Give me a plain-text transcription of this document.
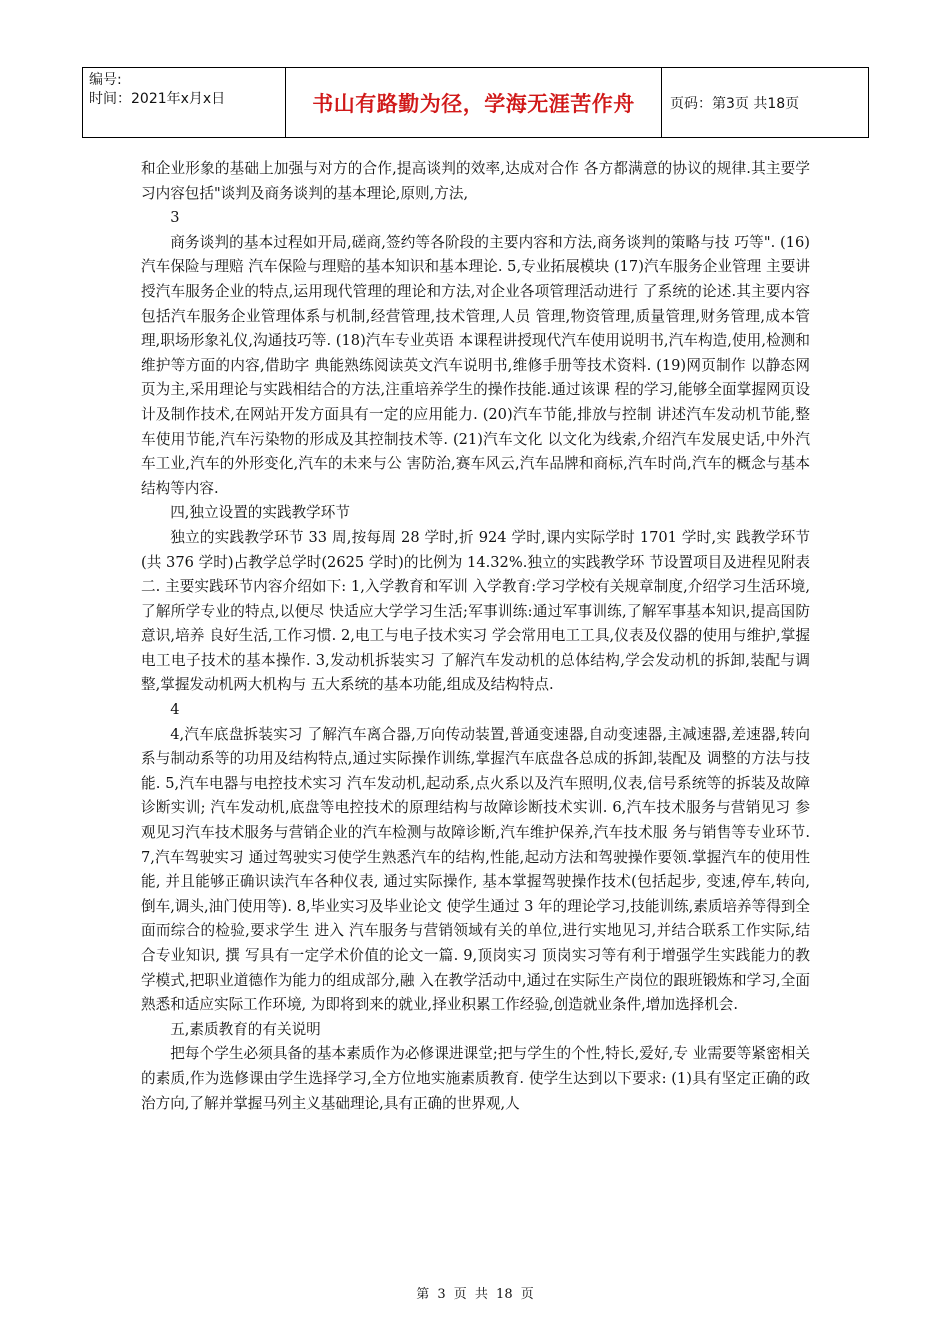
编号:
时间：2021年x月x日	书山有路勤为径，学海无涯苦作舟	页码：第3页 共18页

和企业形象的基础上加强与对方的合作,提高谈判的效率,达成对合作 各方都满意的协议的规律.其主要学习内容包括"谈判及商务谈判的基本理论,原则,方法,

3

商务谈判的基本过程如开局,磋商,签约等各阶段的主要内容和方法,商务谈判的策略与技 巧等". (16)汽车保险与理赔 汽车保险与理赔的基本知识和基本理论. 5,专业拓展模块 (17)汽车服务企业管理 主要讲授汽车服务企业的特点,运用现代管理的理论和方法,对企业各项管理活动进行 了系统的论述.其主要内容包括汽车服务企业管理体系与机制,经营管理,技术管理,人员 管理,物资管理,质量管理,财务管理,成本管理,职场形象礼仪,沟通技巧等. (18)汽车专业英语 本课程讲授现代汽车使用说明书,汽车构造,使用,检测和维护等方面的内容,借助字 典能熟练阅读英文汽车说明书,维修手册等技术资料. (19)网页制作 以静态网页为主,采用理论与实践相结合的方法,注重培养学生的操作技能.通过该课 程的学习,能够全面掌握网页设计及制作技术,在网站开发方面具有一定的应用能力. (20)汽车节能,排放与控制 讲述汽车发动机节能,整车使用节能,汽车污染物的形成及其控制技术等. (21)汽车文化 以文化为线索,介绍汽车发展史话,中外汽车工业,汽车的外形变化,汽车的未来与公 害防治,赛车风云,汽车品牌和商标,汽车时尚,汽车的概念与基本结构等内容.

四,独立设置的实践教学环节

独立的实践教学环节 33 周,按每周 28 学时,折 924 学时,课内实际学时 1701 学时,实 践教学环节(共 376 学时)占教学总学时(2625 学时)的比例为 14.32%.独立的实践教学环 节设置项目及进程见附表二. 主要实践环节内容介绍如下: 1,入学教育和军训 入学教育:学习学校有关规章制度,介绍学习生活环境,了解所学专业的特点,以便尽 快适应大学学习生活;军事训练:通过军事训练,了解军事基本知识,提高国防意识,培养 良好生活,工作习惯. 2,电工与电子技术实习 学会常用电工工具,仪表及仪器的使用与维护,掌握电工电子技术的基本操作. 3,发动机拆装实习 了解汽车发动机的总体结构,学会发动机的拆卸,装配与调整,掌握发动机两大机构与 五大系统的基本功能,组成及结构特点.

4

4,汽车底盘拆装实习 了解汽车离合器,万向传动装置,普通变速器,自动变速器,主减速器,差速器,转向 系与制动系等的功用及结构特点,通过实际操作训练,掌握汽车底盘各总成的拆卸,装配及 调整的方法与技能. 5,汽车电器与电控技术实习 汽车发动机,起动系,点火系以及汽车照明,仪表,信号系统等的拆装及故障诊断实训; 汽车发动机,底盘等电控技术的原理结构与故障诊断技术实训. 6,汽车技术服务与营销见习 参观见习汽车技术服务与营销企业的汽车检测与故障诊断,汽车维护保养,汽车技术服 务与销售等专业环节. 7,汽车驾驶实习 通过驾驶实习使学生熟悉汽车的结构,性能,起动方法和驾驶操作要领.掌握汽车的使用性能, 并且能够正确识读汽车各种仪表, 通过实际操作, 基本掌握驾驶操作技术(包括起步, 变速,停车,转向,倒车,调头,油门使用等). 8,毕业实习及毕业论文 使学生通过 3 年的理论学习,技能训练,素质培养等得到全面而综合的检验,要求学生 进入 汽车服务与营销领域有关的单位,进行实地见习,并结合联系工作实际,结合专业知识, 撰 写具有一定学术价值的论文一篇. 9,顶岗实习 顶岗实习等有利于增强学生实践能力的教学模式,把职业道德作为能力的组成部分,融 入在教学活动中,通过在实际生产岗位的跟班锻炼和学习,全面熟悉和适应实际工作环境, 为即将到来的就业,择业积累工作经验,创造就业条件,增加选择机会.

五,素质教育的有关说明

把每个学生必须具备的基本素质作为必修课进课堂;把与学生的个性,特长,爱好,专 业需要等紧密相关的素质,作为选修课由学生选择学习,全方位地实施素质教育. 使学生达到以下要求: (1)具有坚定正确的政治方向,了解并掌握马列主义基础理论,具有正确的世界观,人

第 3 页 共 18 页
